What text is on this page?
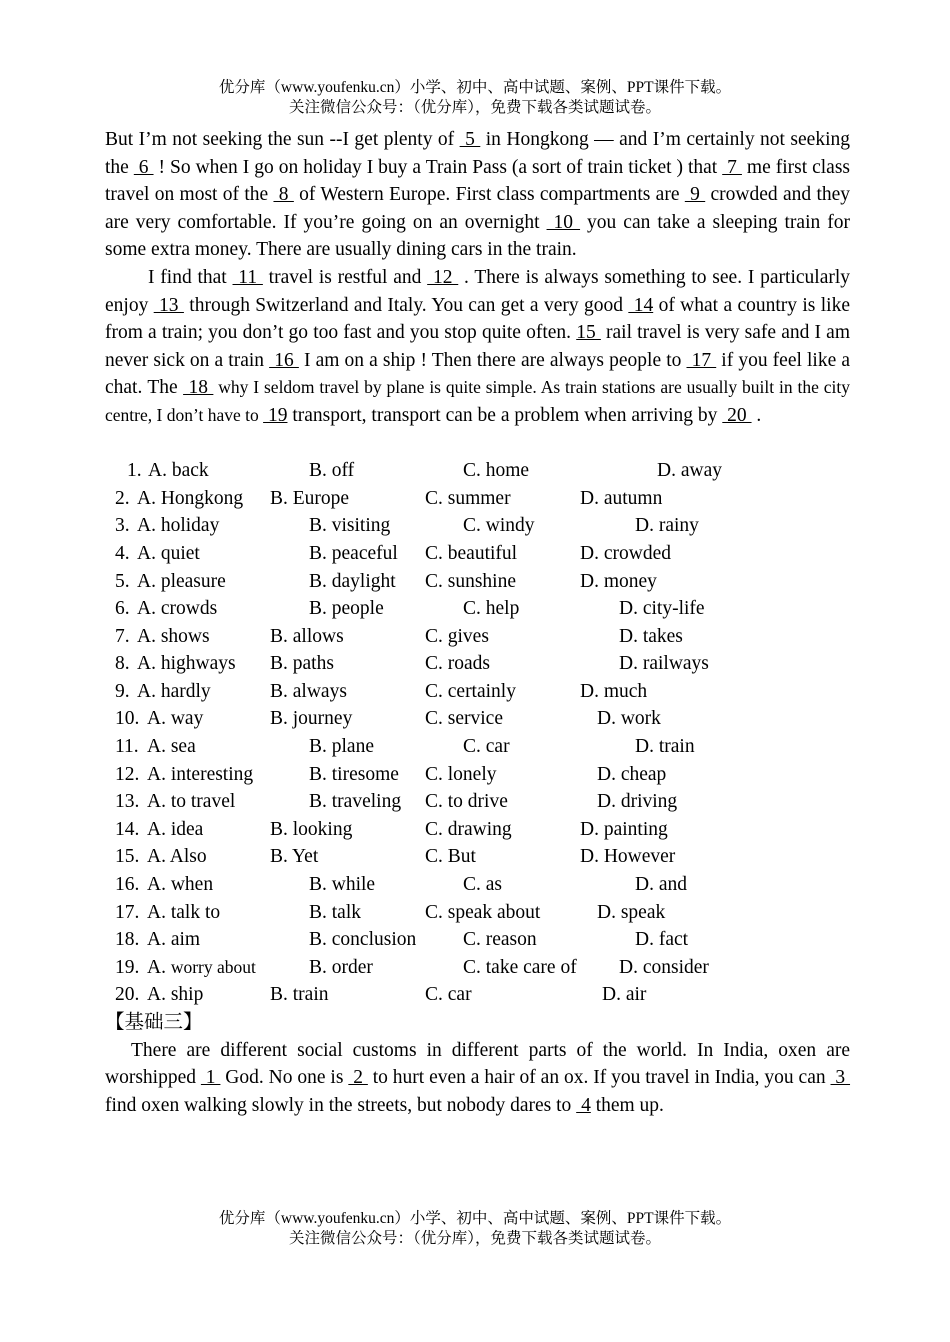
优分库（www.youfenku.cn）小学、初中、高中试题、案例、PPT课件下载。
关注微信公众号：（优分库），免费下载各类试题试卷。

But I’m not seeking the sun --I get plenty of  5  in Hongkong — and I’m certainly not seeking the  6  ! So when I go on holiday I buy a Train Pass (a sort of train ticket ) that  7  me first class travel on most of the  8  of Western Europe. First class compartments are  9  crowded and they are very comfortable. If you’re going on an overnight  10  you can take a sleeping train for some extra money. There are usually dining cars in the train.

I find that  11  travel is restful and  12  . There is always something to see. I particularly enjoy  13  through Switzerland and Italy. You can get a very good  14 of what a country is like from a train; you don’t go too fast and you stop quite often. 15  rail travel is very safe and I am never sick on a train  16  I am on a ship ! Then there are always people to  17  if you feel like a chat. The  18  why I seldom travel by plane is quite simple. As train stations are usually built in the city centre, I don’t have to  19 transport, transport can be a problem when arriving by  20  .

1. A. back	B. off	C. home	D. away
2. A. Hongkong B. Europe	C. summer	D. autumn
3. A. holiday	B. visiting	C. windy	D. rainy
4. A. quiet	B. peaceful C. beautiful	D. crowded
5. A. pleasure	B. daylight C. sunshine	D. money
6. A. crowds	B. people	C. help	D. city-life
7. A. shows	B. allows	C. gives	D. takes
8. A. highways B. paths	C. roads	D. railways
9. A. hardly	B. always	C. certainly	D. much
10. A. way	B. journey	C. service	D. work
11. A. sea	B. plane	C. car	D. train
12. A. interesting	B. tiresome C. lonely	D. cheap
13. A. to travel	B. traveling C. to drive	D. driving
14. A. idea	B. looking	C. drawing	D. painting
15. A. Also	B. Yet	C. But	D. However
16. A. when	B. while	C. as	D. and
17. A. talk to	B. talk	C. speak about	D. speak
18. A. aim	B. conclusion C. reason	D. fact
19. A. worry about	B. order	C. take care of D. consider
20. A. ship	B. train	C. car	D. air

【基础三】

There are different social customs in different parts of the world. In India, oxen are worshipped  1  God. No one is  2  to hurt even a hair of an ox. If you travel in India, you can  3  find oxen walking slowly in the streets, but nobody dares to  4 them up.

优分库（www.youfenku.cn）小学、初中、高中试题、案例、PPT课件下载。
关注微信公众号：（优分库），免费下载各类试题试卷。
